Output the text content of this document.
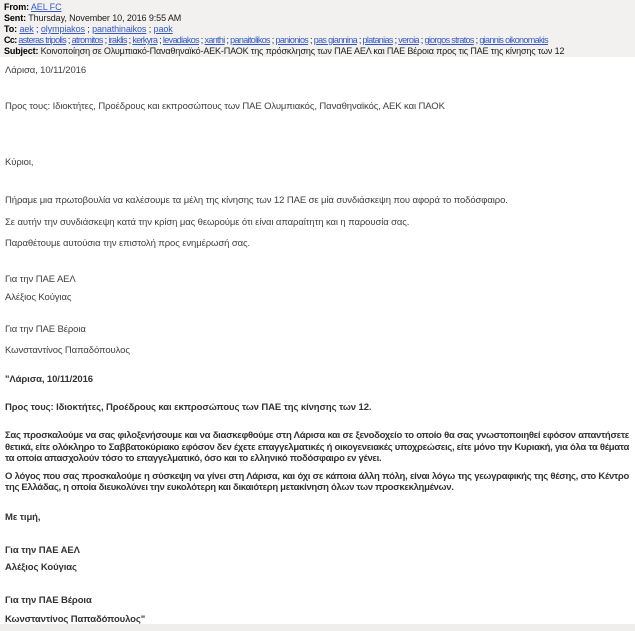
From: AEL FC
Sent: Thursday, November 10, 2016 9:55 AM
To: aek ; olympiakos ; panathinaikos ; paok
Cc: asteras tripolis ; atromitos ; iraklis ; kerkyra ; levadiakos ; xanthi ; panaitolikos ; panionios ; pas giannina ; platanias ; veroia ; giorgos stratos ; giannis oikonomakis
Subject: Κοινοποίηση σε Ολυμπιακό-Παναθηναϊκό-ΑΕΚ-ΠΑΟΚ της πρόσκλησης των ΠΑΕ ΑΕΛ και ΠΑΕ Βέροια προς τις ΠΑΕ της κίνησης των 12
Λάρισα, 10/11/2016
Προς τους: Ιδιοκτήτες, Προέδρους και εκπροσώπους των ΠΑΕ Ολυμπιακός, Παναθηναϊκός, ΑΕΚ και ΠΑΟΚ
Κύριοι,
Πήραμε μια πρωτοβουλία να καλέσουμε τα μέλη της κίνησης των 12 ΠΑΕ σε μία συνδιάσκεψη που αφορά το ποδόσφαιρο.
Σε αυτήν την συνδιάσκεψη κατά την κρίση μας θεωρούμε ότι είναι απαραίτητη και η παρουσία σας.
Παραθέτουμε αυτούσια την επιστολή προς ενημέρωσή σας.
Για την ΠΑΕ ΑΕΛ
Αλέξιος Κούγιας
Για την ΠΑΕ Βέροια
Κωνσταντίνος Παπαδόπουλος
"Λάρισα, 10/11/2016
Προς τους: Ιδιοκτήτες, Προέδρους και εκπροσώπους των ΠΑΕ της κίνησης των 12.
Σας προσκαλούμε να σας φιλοξενήσουμε και να διασκεφθούμε στη Λάρισα και σε ξενοδοχείο το οποίο θα σας γνωστοποιηθεί εφόσον απαντήσετε θετικά, είτε ολόκληρο το Σαββατοκύριακο εφόσον δεν έχετε επαγγελματικές ή οικογενειακές υποχρεώσεις, είτε μόνο την Κυριακή, για όλα τα θέματα τα οποία απασχολούν τόσο το επαγγελματικό, όσο και το ελληνικό ποδόσφαιρο εν γένει.
Ο λόγος που σας προσκαλούμε η σύσκεψη να γίνει στη Λάρισα, και όχι σε κάποια άλλη πόλη, είναι λόγω της γεωγραφικής της θέσης, στο Κέντρο της Ελλάδας, η οποία διευκολύνει την ευκολότερη και δικαιότερη μετακίνηση όλων των προσκεκλημένων.
Με τιμή,
Για την ΠΑΕ ΑΕΛ
Αλέξιος Κούγιας
Για την ΠΑΕ Βέροια
Κωνσταντίνος Παπαδόπουλος"
